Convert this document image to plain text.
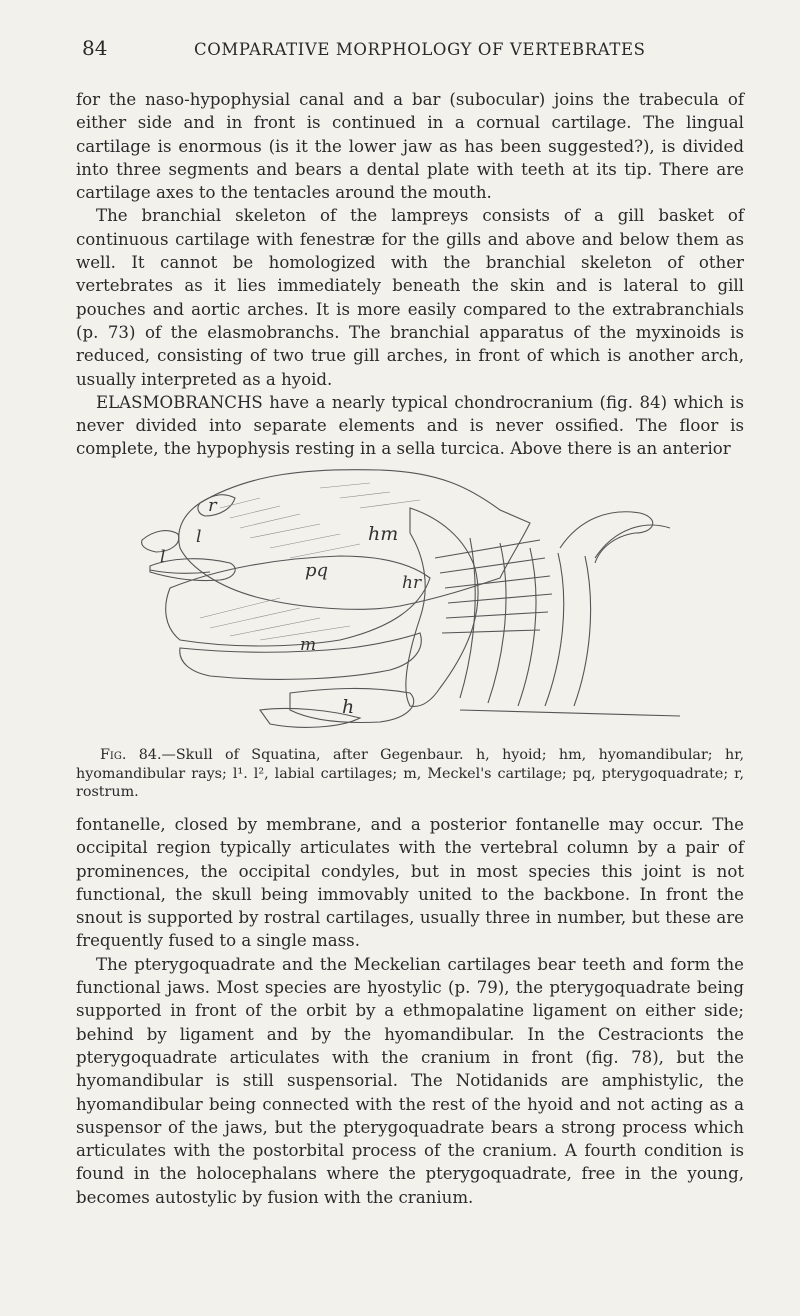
84	COMPARATIVE MORPHOLOGY OF VERTEBRATES

for the naso-hypophysial canal and a bar (subocular) joins the trabecula of either side and in front is continued in a cornual cartilage. The lingual cartilage is enormous (is it the lower jaw as has been suggested?), is divided into three segments and bears a dental plate with teeth at its tip. There are cartilage axes to the tentacles around the mouth.

The branchial skeleton of the lampreys consists of a gill basket of continuous cartilage with fenestræ for the gills and above and below them as well. It cannot be homologized with the branchial skeleton of other vertebrates as it lies immediately beneath the skin and is lateral to gill pouches and aortic arches. It is more easily compared to the extrabranchials (p. 73) of the elasmobranchs. The branchial apparatus of the myxinoids is reduced, consisting of two true gill arches, in front of which is another arch, usually interpreted as a hyoid.

ELASMOBRANCHS have a nearly typical chondrocranium (fig. 84) which is never divided into separate elements and is never ossified. The floor is complete, the hypophysis resting in a sella turcica. Above there is an anterior

r
l
l
hm
pq
hr
m
h

Fig. 84.—Skull of Squatina, after Gegenbaur. h, hyoid; hm, hyomandibular; hr, hyomandibular rays; l¹. l², labial cartilages; m, Meckel's cartilage; pq, pterygoquadrate; r, rostrum.

fontanelle, closed by membrane, and a posterior fontanelle may occur. The occipital region typically articulates with the vertebral column by a pair of prominences, the occipital condyles, but in most species this joint is not functional, the skull being immovably united to the backbone. In front the snout is supported by rostral cartilages, usually three in number, but these are frequently fused to a single mass.

The pterygoquadrate and the Meckelian cartilages bear teeth and form the functional jaws. Most species are hyostylic (p. 79), the pterygoquadrate being supported in front of the orbit by a ethmopalatine ligament on either side; behind by ligament and by the hyomandibular. In the Cestracionts the pterygoquadrate articulates with the cranium in front (fig. 78), but the hyomandibular is still suspensorial. The Notidanids are amphistylic, the hyomandibular being connected with the rest of the hyoid and not acting as a suspensor of the jaws, but the pterygoquadrate bears a strong process which articulates with the postorbital process of the cranium. A fourth condition is found in the holocephalans where the pterygoquadrate, free in the young, becomes autostylic by fusion with the cranium.
